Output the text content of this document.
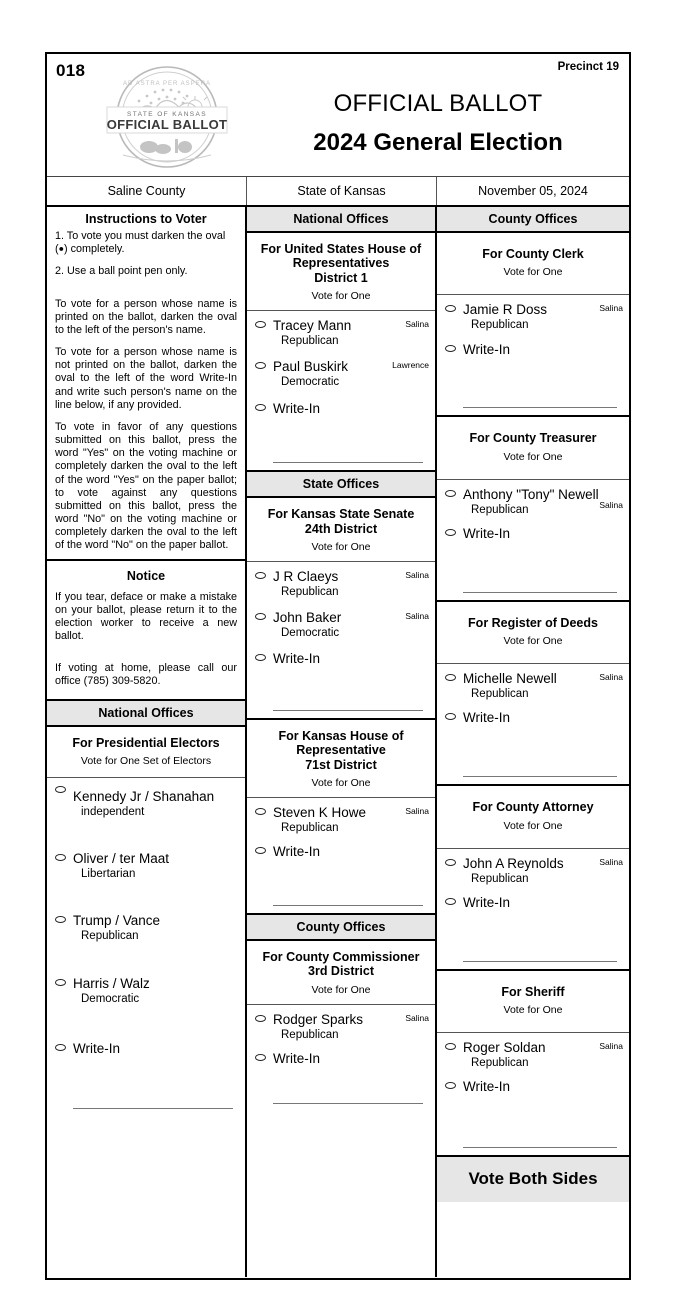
018
AD ASTRA PER ASPERA
STATE OF KANSAS
OFFICIAL BALLOT
Precinct 19
OFFICIAL BALLOT
2024 General Election
Saline County	State of Kansas	November 05, 2024
Instructions to Voter

1. To vote you must darken the oval (●) completely.

2. Use a ball point pen only.

To vote for a person whose name is printed on the ballot, darken the oval to the left of the person's name.

To vote for a person whose name is not printed on the ballot, darken the oval to the left of the word Write-In and write such person's name on the line below, if any provided.

To vote in favor of any questions submitted on this ballot, press the word "Yes" on the voting machine or completely darken the oval to the left of the word "Yes" on the paper ballot; to vote against any questions submitted on this ballot, press the word "No" on the voting machine or completely darken the oval to the left of the word "No" on the paper ballot.

Notice

If you tear, deface or make a mistake on your ballot, please return it to the election worker to receive a new ballot.

If voting at home, please call our office (785) 309-5820.

National Offices
For Presidential Electors
Vote for One Set of Electors
Kennedy Jr / Shanahan
independent
Oliver / ter Maat
Libertarian
Trump / Vance
Republican
Harris / Walz
Democratic
Write-In
National Offices
For United States House of Representatives
District 1
Vote for One
Tracey Mann	Salina
Republican
Paul Buskirk	Lawrence
Democratic
Write-In
State Offices
For Kansas State Senate
24th District
Vote for One
J R Claeys	Salina
Republican
John Baker	Salina
Democratic
Write-In
For Kansas House of Representative
71st District
Vote for One
Steven K Howe	Salina
Republican
Write-In
County Offices
For County Commissioner
3rd District
Vote for One
Rodger Sparks	Salina
Republican
Write-In
County Offices
For County Clerk
Vote for One
Jamie R Doss	Salina
Republican
Write-In
For County Treasurer
Vote for One
Anthony "Tony" Newell
Salina
Republican
Write-In
For Register of Deeds
Vote for One
Michelle Newell	Salina
Republican
Write-In
For County Attorney
Vote for One
John A Reynolds	Salina
Republican
Write-In
For Sheriff
Vote for One
Roger Soldan	Salina
Republican
Write-In
Vote Both Sides
